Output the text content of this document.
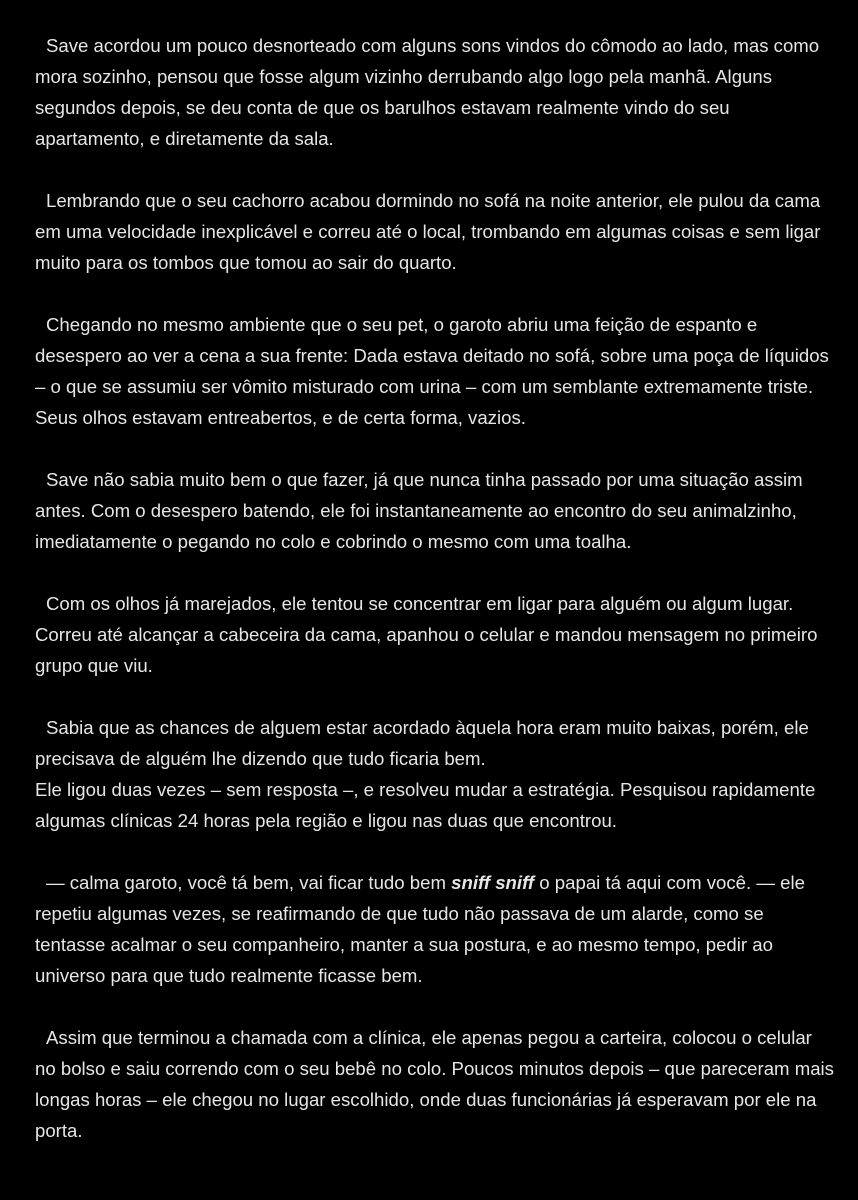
Save acordou um pouco desnorteado com alguns sons vindos do cômodo ao lado, mas como mora sozinho, pensou que fosse algum vizinho derrubando algo logo pela manhã. Alguns segundos depois, se deu conta de que os barulhos estavam realmente vindo do seu apartamento, e diretamente da sala.

Lembrando que o seu cachorro acabou dormindo no sofá na noite anterior, ele pulou da cama em uma velocidade inexplicável e correu até o local, trombando em algumas coisas e sem ligar muito para os tombos que tomou ao sair do quarto.

Chegando no mesmo ambiente que o seu pet, o garoto abriu uma feição de espanto e desespero ao ver a cena a sua frente: Dada estava deitado no sofá, sobre uma poça de líquidos – o que se assumiu ser vômito misturado com urina – com um semblante extremamente triste. Seus olhos estavam entreabertos, e de certa forma, vazios.

Save não sabia muito bem o que fazer, já que nunca tinha passado por uma situação assim antes. Com o desespero batendo, ele foi instantaneamente ao encontro do seu animalzinho, imediatamente o pegando no colo e cobrindo o mesmo com uma toalha.

Com os olhos já marejados, ele tentou se concentrar em ligar para alguém ou algum lugar. Correu até alcançar a cabeceira da cama, apanhou o celular e mandou mensagem no primeiro grupo que viu.

Sabia que as chances de alguem estar acordado àquela hora eram muito baixas, porém, ele precisava de alguém lhe dizendo que tudo ficaria bem.

Ele ligou duas vezes – sem resposta –, e resolveu mudar a estratégia. Pesquisou rapidamente algumas clínicas 24 horas pela região e ligou nas duas que encontrou.

— calma garoto, você tá bem, vai ficar tudo bem sniff sniff o papai tá aqui com você. — ele repetiu algumas vezes, se reafirmando de que tudo não passava de um alarde, como se tentasse acalmar o seu companheiro, manter a sua postura, e ao mesmo tempo, pedir ao universo para que tudo realmente ficasse bem.

Assim que terminou a chamada com a clínica, ele apenas pegou a carteira, colocou o celular no bolso e saiu correndo com o seu bebê no colo. Poucos minutos depois – que pareceram mais longas horas – ele chegou no lugar escolhido, onde duas funcionárias já esperavam por ele na porta.
